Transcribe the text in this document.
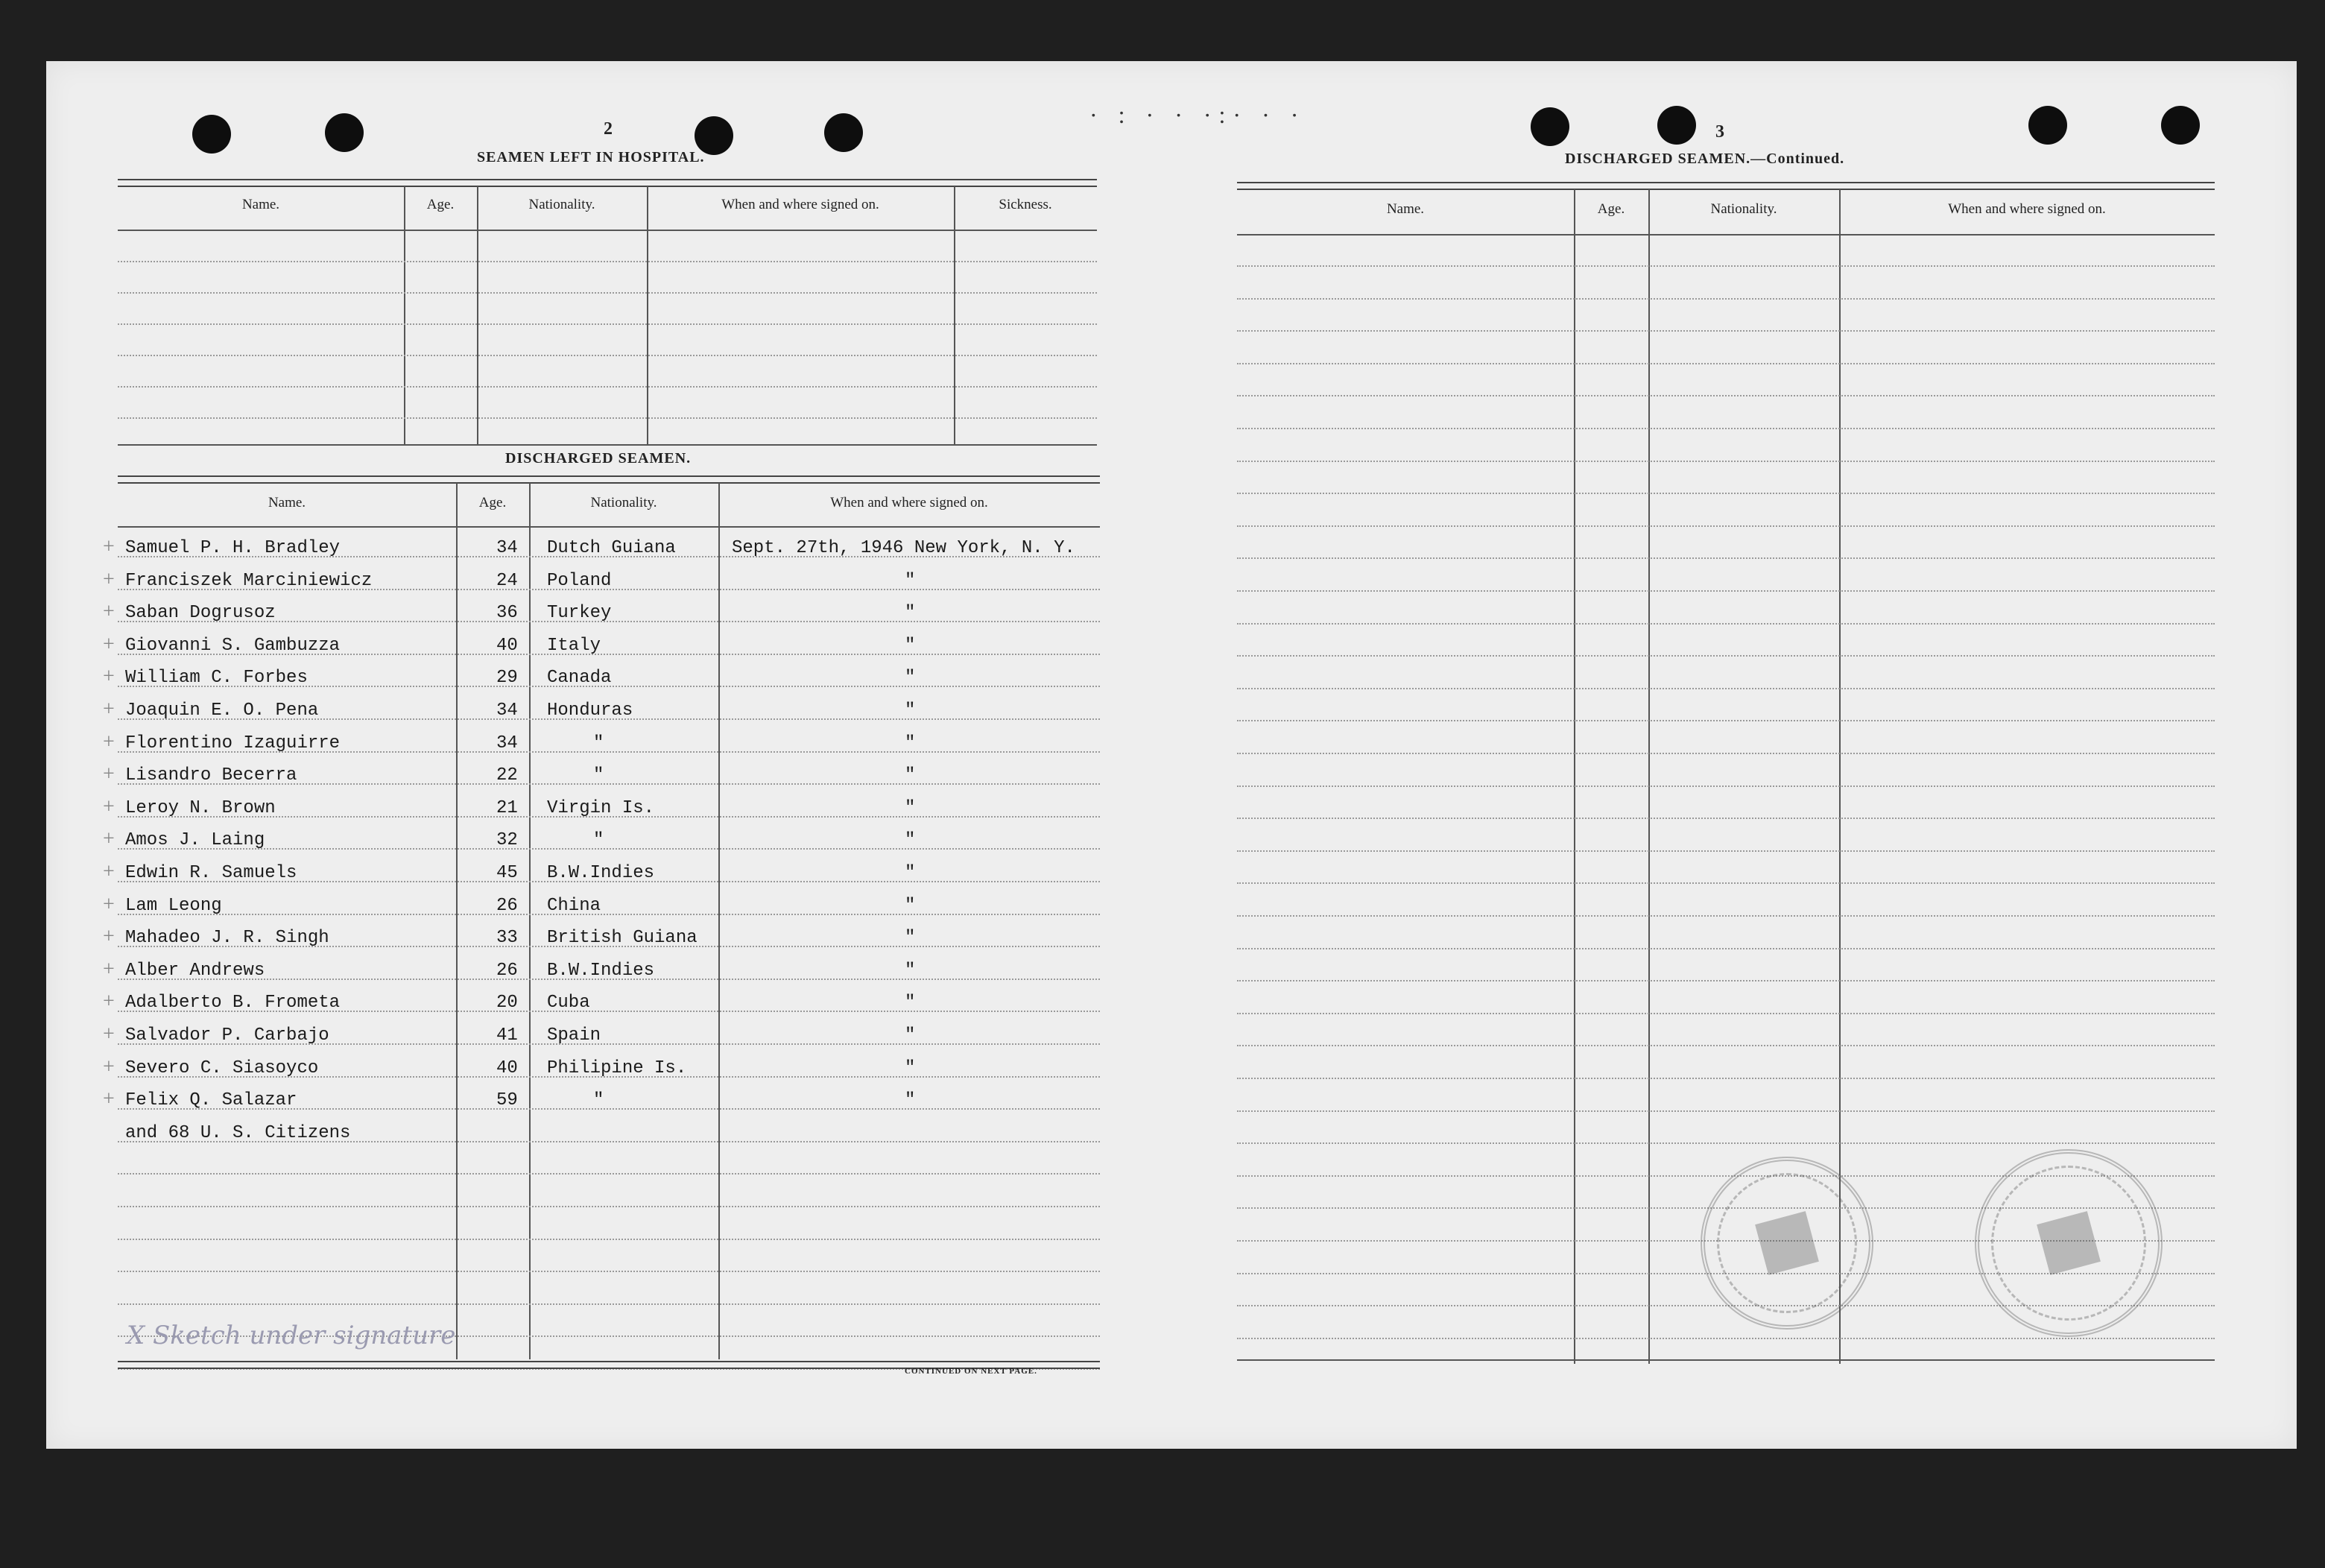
· : · · ·:· · ·
2
SEAMEN LEFT IN HOSPITAL.
Name.	Age.	Nationality.	When and where signed on.	Sickness.
DISCHARGED SEAMEN.
Name.	Age.	Nationality.	When and where signed on.
Samuel P. H. Bradley	34 Dutch Guiana	Sept. 27th, 1946 New York, N. Y.
+
Franciszek Marciniewicz	24 Poland	"
+
Saban Dogrusoz	36 Turkey	"
+
Giovanni S. Gambuzza	40 Italy	"
+
William C. Forbes	29 Canada	"
+
Joaquin E. O. Pena	34 Honduras	"
+
Florentino Izaguirre	34	"	"
+
Lisandro Becerra	22	"	"
+
Leroy N. Brown	21 Virgin Is.	"
+
Amos J. Laing	32	"	"
+
Edwin R. Samuels	45 B.W.Indies	"
+
Lam Leong	26 China	"
+
Mahadeo J. R. Singh	33 British Guiana	"
+
Alber Andrews	26 B.W.Indies	"
+
Adalberto B. Frometa	20 Cuba	"
+
Salvador P. Carbajo	41 Spain	"
+
Severo C. Siasoyco	40 Philipine Is.	"
+
Felix Q. Salazar	59	"	"
+
and 68 U. S. Citizens
X Sketch under signature
CONTINUED ON NEXT PAGE.
3
DISCHARGED SEAMEN.—Continued.
Name.	Age.	Nationality.	When and where signed on.
